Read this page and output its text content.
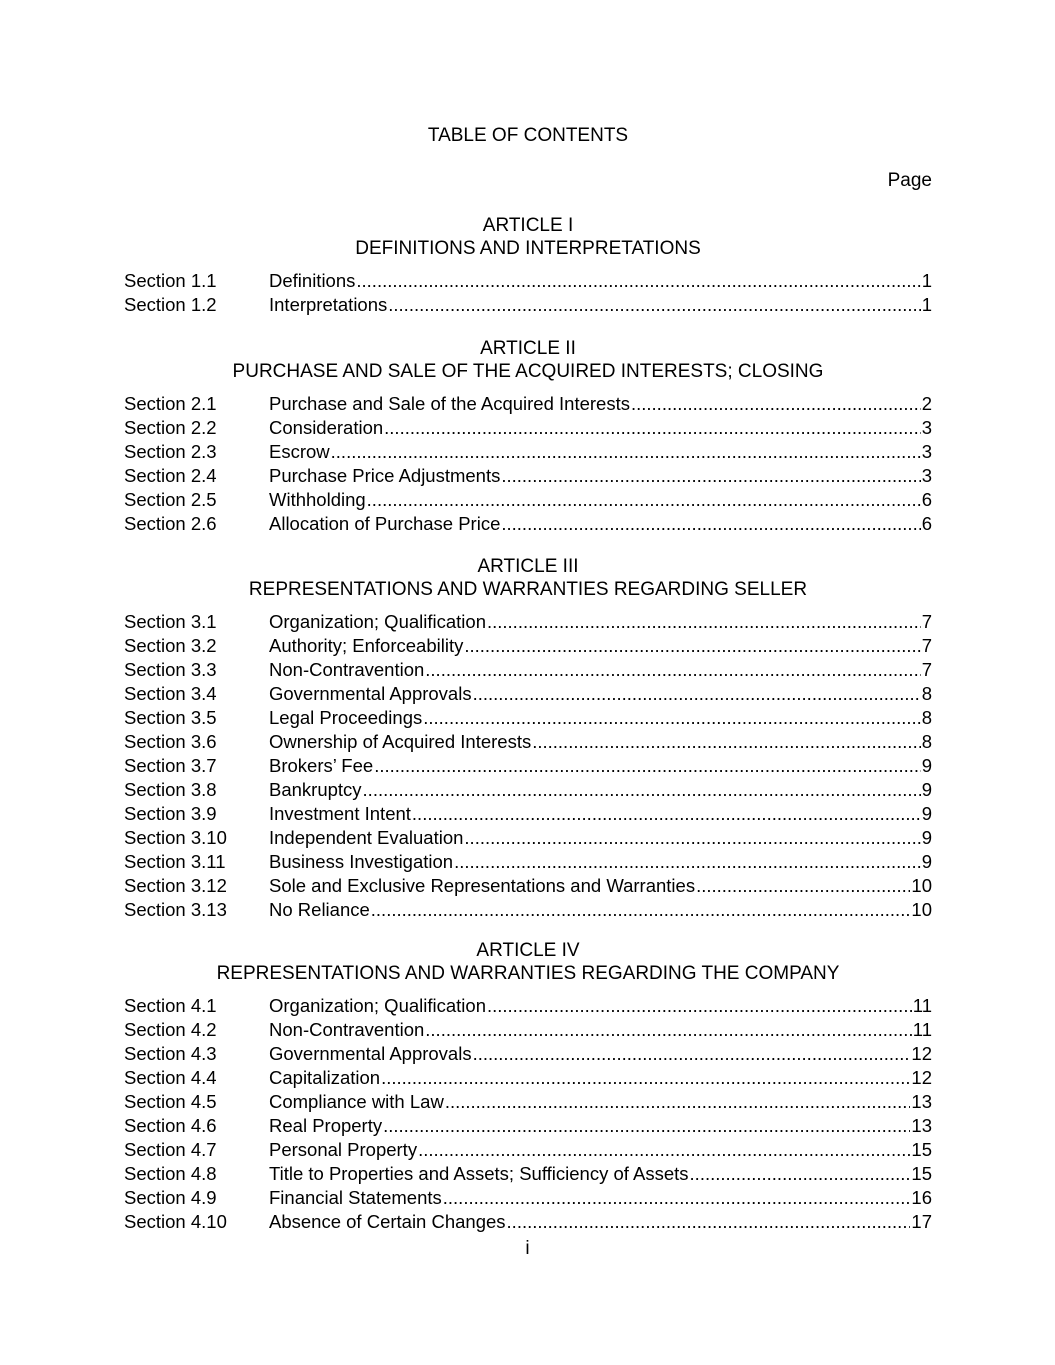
TABLE OF CONTENTS
Page
ARTICLE I
DEFINITIONS AND INTERPRETATIONS
Section 1.1	Definitions .....	1
Section 1.2	Interpretations .....	1
ARTICLE II
PURCHASE AND SALE OF THE ACQUIRED INTERESTS; CLOSING
Section 2.1	Purchase and Sale of the Acquired Interests .....	2
Section 2.2	Consideration .....	3
Section 2.3	Escrow .....	3
Section 2.4	Purchase Price Adjustments .....	3
Section 2.5	Withholding .....	6
Section 2.6	Allocation of Purchase Price .....	6
ARTICLE III
REPRESENTATIONS AND WARRANTIES REGARDING SELLER
Section 3.1	Organization; Qualification .....	7
Section 3.2	Authority; Enforceability .....	7
Section 3.3	Non-Contravention .....	7
Section 3.4	Governmental Approvals .....	8
Section 3.5	Legal Proceedings .....	8
Section 3.6	Ownership of Acquired Interests .....	8
Section 3.7	Brokers’ Fee .....	9
Section 3.8	Bankruptcy .....	9
Section 3.9	Investment Intent .....	9
Section 3.10	Independent Evaluation .....	9
Section 3.11	Business Investigation .....	9
Section 3.12	Sole and Exclusive Representations and Warranties .....	10
Section 3.13	No Reliance .....	10
ARTICLE IV
REPRESENTATIONS AND WARRANTIES REGARDING THE COMPANY
Section 4.1	Organization; Qualification .....	11
Section 4.2	Non-Contravention .....	11
Section 4.3	Governmental Approvals .....	12
Section 4.4	Capitalization .....	12
Section 4.5	Compliance with Law .....	13
Section 4.6	Real Property .....	13
Section 4.7	Personal Property .....	15
Section 4.8	Title to Properties and Assets; Sufficiency of Assets .....	15
Section 4.9	Financial Statements .....	16
Section 4.10	Absence of Certain Changes .....	17
i
